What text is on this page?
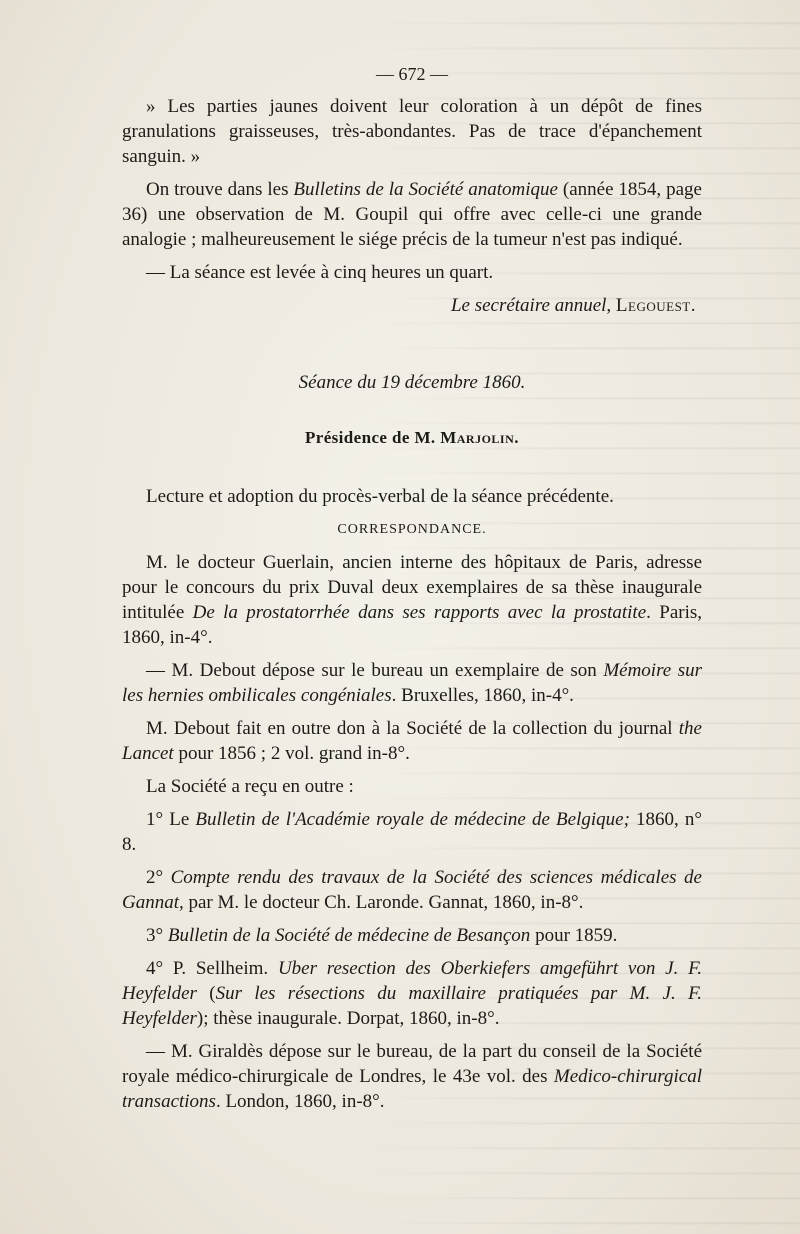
— 672 —

» Les parties jaunes doivent leur coloration à un dépôt de fines granulations graisseuses, très-abondantes. Pas de trace d'épanchement sanguin. »

On trouve dans les Bulletins de la Société anatomique (année 1854, page 36) une observation de M. Goupil qui offre avec celle-ci une grande analogie ; malheureusement le siége précis de la tumeur n'est pas indiqué.

— La séance est levée à cinq heures un quart.

Le secrétaire annuel, Legouest.

Séance du 19 décembre 1860.
Présidence de M. Marjolin.

Lecture et adoption du procès-verbal de la séance précédente.

CORRESPONDANCE.

M. le docteur Guerlain, ancien interne des hôpitaux de Paris, adresse pour le concours du prix Duval deux exemplaires de sa thèse inaugurale intitulée De la prostatorrhée dans ses rapports avec la prostatite. Paris, 1860, in-4°.

— M. Debout dépose sur le bureau un exemplaire de son Mémoire sur les hernies ombilicales congéniales. Bruxelles, 1860, in-4°.

M. Debout fait en outre don à la Société de la collection du journal the Lancet pour 1856 ; 2 vol. grand in-8°.

La Société a reçu en outre :

1° Le Bulletin de l'Académie royale de médecine de Belgique; 1860, n° 8.

2° Compte rendu des travaux de la Société des sciences médicales de Gannat, par M. le docteur Ch. Laronde. Gannat, 1860, in-8°.

3° Bulletin de la Société de médecine de Besançon pour 1859.

4° P. Sellheim. Uber resection des Oberkiefers amgeführt von J. F. Heyfelder (Sur les résections du maxillaire pratiquées par M. J. F. Heyfelder); thèse inaugurale. Dorpat, 1860, in-8°.

— M. Giraldès dépose sur le bureau, de la part du conseil de la Société royale médico-chirurgicale de Londres, le 43e vol. des Medico-chirurgical transactions. London, 1860, in-8°.
